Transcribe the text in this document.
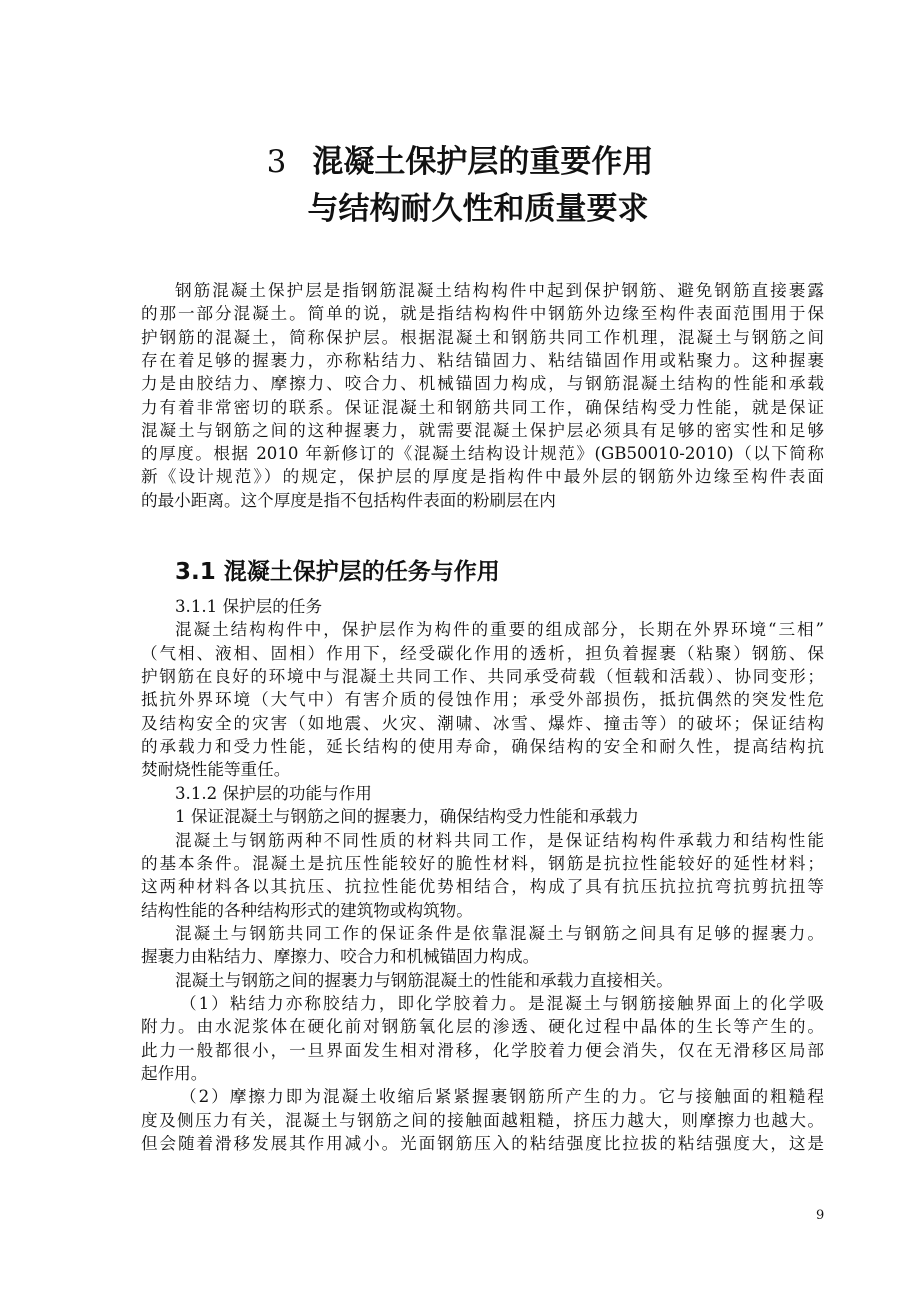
3 混凝土保护层的重要作用
与结构耐久性和质量要求
钢筋混凝土保护层是指钢筋混凝土结构构件中起到保护钢筋、避免钢筋直接裹露
的那一部分混凝土。简单的说，就是指结构构件中钢筋外边缘至构件表面范围用于保
护钢筋的混凝土，简称保护层。根据混凝土和钢筋共同工作机理，混凝土与钢筋之间
存在着足够的握裹力，亦称粘结力、粘结锚固力、粘结锚固作用或粘聚力。这种握裹
力是由胶结力、摩擦力、咬合力、机械锚固力构成，与钢筋混凝土结构的性能和承载
力有着非常密切的联系。保证混凝土和钢筋共同工作，确保结构受力性能，就是保证
混凝土与钢筋之间的这种握裹力，就需要混凝土保护层必须具有足够的密实性和足够
的厚度。根据 2010 年新修订的《混凝土结构设计规范》(GB50010-2010)（以下简称
新《设计规范》）的规定，保护层的厚度是指构件中最外层的钢筋外边缘至构件表面
的最小距离。这个厚度是指不包括构件表面的粉刷层在内
3.1 混凝土保护层的任务与作用
3.1.1 保护层的任务
混凝土结构构件中，保护层作为构件的重要的组成部分，长期在外界环境“三相”
（气相、液相、固相）作用下，经受碳化作用的透析，担负着握裹（粘聚）钢筋、保
护钢筋在良好的环境中与混凝土共同工作、共同承受荷载（恒载和活载）、协同变形；
抵抗外界环境（大气中）有害介质的侵蚀作用；承受外部损伤，抵抗偶然的突发性危
及结构安全的灾害（如地震、火灾、潮啸、冰雪、爆炸、撞击等）的破坏；保证结构
的承载力和受力性能，延长结构的使用寿命，确保结构的安全和耐久性，提高结构抗
焚耐烧性能等重任。
3.1.2 保护层的功能与作用
1 保证混凝土与钢筋之间的握裹力，确保结构受力性能和承载力
混凝土与钢筋两种不同性质的材料共同工作，是保证结构构件承载力和结构性能
的基本条件。混凝土是抗压性能较好的脆性材料，钢筋是抗拉性能较好的延性材料；
这两种材料各以其抗压、抗拉性能优势相结合，构成了具有抗压抗拉抗弯抗剪抗扭等
结构性能的各种结构形式的建筑物或构筑物。
混凝土与钢筋共同工作的保证条件是依靠混凝土与钢筋之间具有足够的握裹力。
握裹力由粘结力、摩擦力、咬合力和机械锚固力构成。
混凝土与钢筋之间的握裹力与钢筋混凝土的性能和承载力直接相关。
（1）粘结力亦称胶结力，即化学胶着力。是混凝土与钢筋接触界面上的化学吸
附力。由水泥浆体在硬化前对钢筋氧化层的渗透、硬化过程中晶体的生长等产生的。
此力一般都很小，一旦界面发生相对滑移，化学胶着力便会消失，仅在无滑移区局部
起作用。
（2）摩擦力即为混凝土收缩后紧紧握裹钢筋所产生的力。它与接触面的粗糙程
度及侧压力有关，混凝土与钢筋之间的接触面越粗糙，挤压力越大，则摩擦力也越大。
但会随着滑移发展其作用减小。光面钢筋压入的粘结强度比拉拔的粘结强度大，这是
9
